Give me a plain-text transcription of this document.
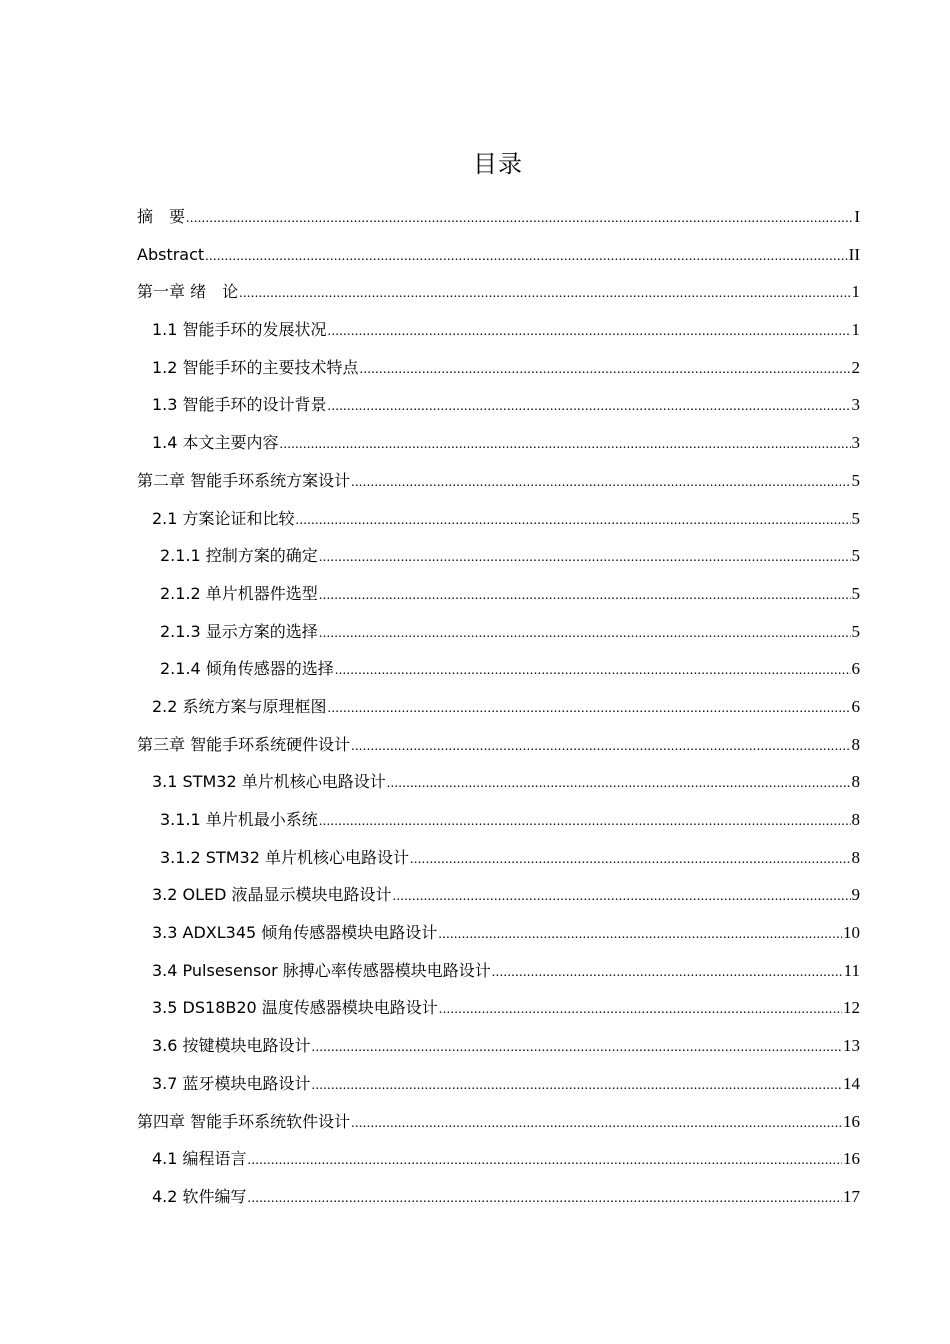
目录
摘　要 .....	I
Abstract .....	II
第一章 绪　论 .....	1
1.1 智能手环的发展状况 .....	1
1.2 智能手环的主要技术特点 .....	2
1.3 智能手环的设计背景 .....	3
1.4 本文主要内容 .....	3
第二章 智能手环系统方案设计 .....	5
2.1 方案论证和比较 .....	5
2.1.1 控制方案的确定 .....	5
2.1.2 单片机器件选型 .....	5
2.1.3 显示方案的选择 .....	5
2.1.4 倾角传感器的选择 .....	6
2.2 系统方案与原理框图 .....	6
第三章 智能手环系统硬件设计 .....	8
3.1 STM32 单片机核心电路设计 .....	8
3.1.1 单片机最小系统 .....	8
3.1.2 STM32 单片机核心电路设计 .....	8
3.2 OLED 液晶显示模块电路设计 .....	9
3.3 ADXL345 倾角传感器模块电路设计 .....	10
3.4 Pulsesensor 脉搏心率传感器模块电路设计 .....	11
3.5 DS18B20 温度传感器模块电路设计 .....	12
3.6 按键模块电路设计 .....	13
3.7 蓝牙模块电路设计 .....	14
第四章 智能手环系统软件设计 .....	16
4.1 编程语言 .....	16
4.2 软件编写 .....	17
